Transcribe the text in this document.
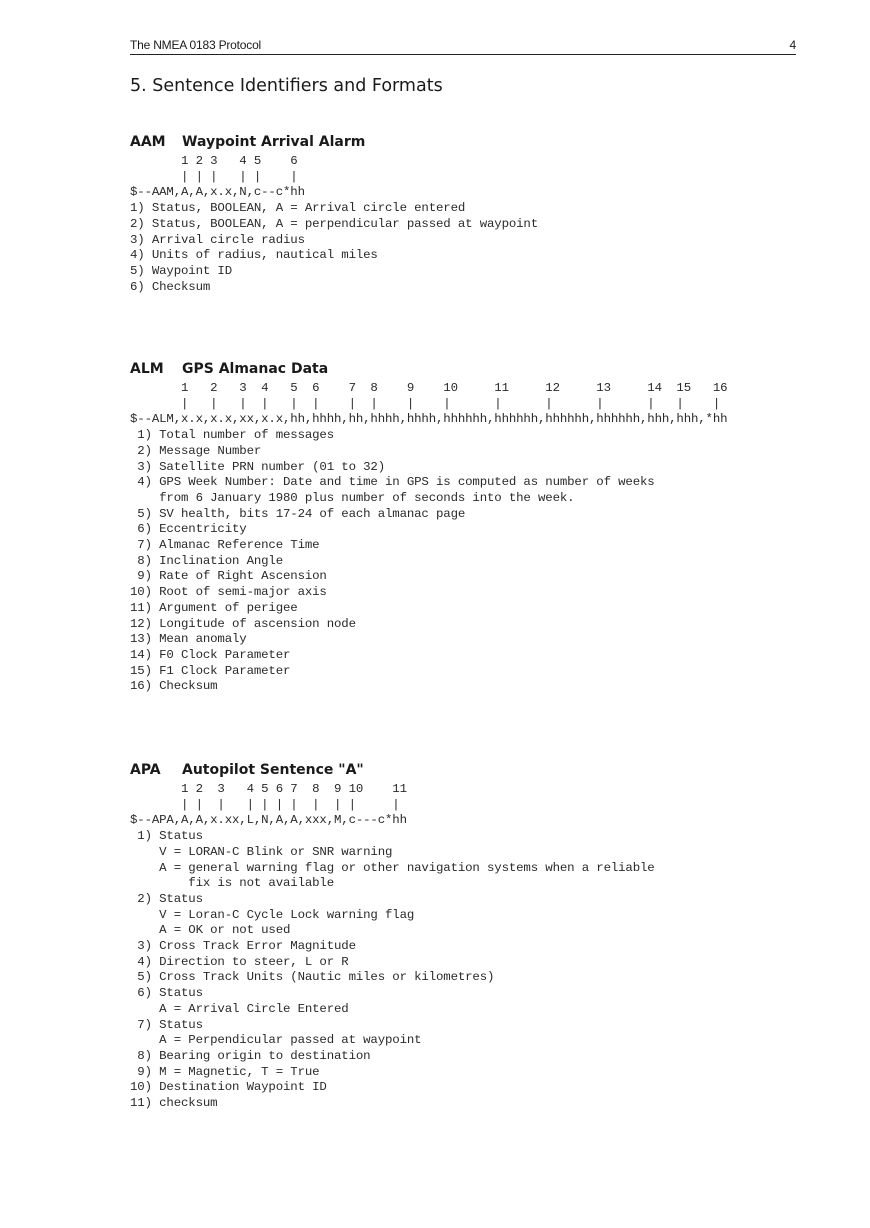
The NMEA 0183 Protocol	4
5. Sentence Identifiers and Formats
AAM Waypoint Arrival Alarm
1 2 3   4 5    6
| | |   | |    |
$--AAM,A,A,x.x,N,c--c*hh
1) Status, BOOLEAN, A = Arrival circle entered
2) Status, BOOLEAN, A = perpendicular passed at waypoint
3) Arrival circle radius
4) Units of radius, nautical miles
5) Waypoint ID
6) Checksum
ALM GPS Almanac Data
1   2   3  4   5  6    7  8    9    10     11     12     13     14  15   16
|   |   |  |   |  |    |  |    |    |      |      |      |      |   |    |
$--ALM,x.x,x.x,xx,x.x,hh,hhhh,hh,hhhh,hhhh,hhhhhh,hhhhhh,hhhhhh,hhhhhh,hhh,hhh,*hh
1) Total number of messages
2) Message Number
3) Satellite PRN number (01 to 32)
4) GPS Week Number: Date and time in GPS is computed as number of weeks
from 6 January 1980 plus number of seconds into the week.
5) SV health, bits 17-24 of each almanac page
6) Eccentricity
7) Almanac Reference Time
8) Inclination Angle
9) Rate of Right Ascension
10) Root of semi-major axis
11) Argument of perigee
12) Longitude of ascension node
13) Mean anomaly
14) F0 Clock Parameter
15) F1 Clock Parameter
16) Checksum
APA Autopilot Sentence "A"
1 2  3   4 5 6 7  8  9 10    11
| |  |   | | | |  |  | |     |
$--APA,A,A,x.xx,L,N,A,A,xxx,M,c---c*hh
1) Status
V = LORAN-C Blink or SNR warning
A = general warning flag or other navigation systems when a reliable
fix is not available
2) Status
V = Loran-C Cycle Lock warning flag
A = OK or not used
3) Cross Track Error Magnitude
4) Direction to steer, L or R
5) Cross Track Units (Nautic miles or kilometres)
6) Status
A = Arrival Circle Entered
7) Status
A = Perpendicular passed at waypoint
8) Bearing origin to destination
9) M = Magnetic, T = True
10) Destination Waypoint ID
11) checksum
